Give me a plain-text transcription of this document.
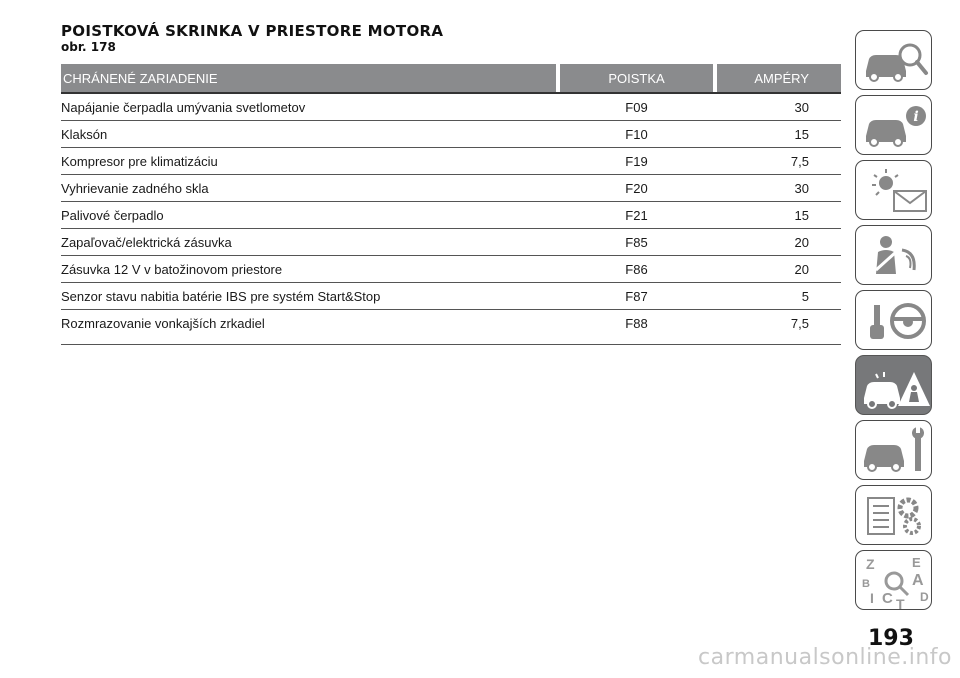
POISTKOVÁ SKRINKA V PRIESTORE MOTORA
obr. 178
CHRÁNENÉ ZARIADENIE	POISTKA	AMPÉRY
Napájanie čerpadla umývania svetlometov	F09	30
Klaksón	F10	15
Kompresor pre klimatizáciu	F19	7,5
Vyhrievanie zadného skla	F20	30
Palivové čerpadlo	F21	15
Zapaľovač/elektrická zásuvka	F85	20
Zásuvka 12 V v batožinovom priestore	F86	20
Senzor stavu nabitia batérie IBS pre systém Start&Stop	F87	5
Rozmrazovanie vonkajších zrkadiel	F88	7,5
i
Z	E
A
B
C D
I T
193
carmanualsonline.info
